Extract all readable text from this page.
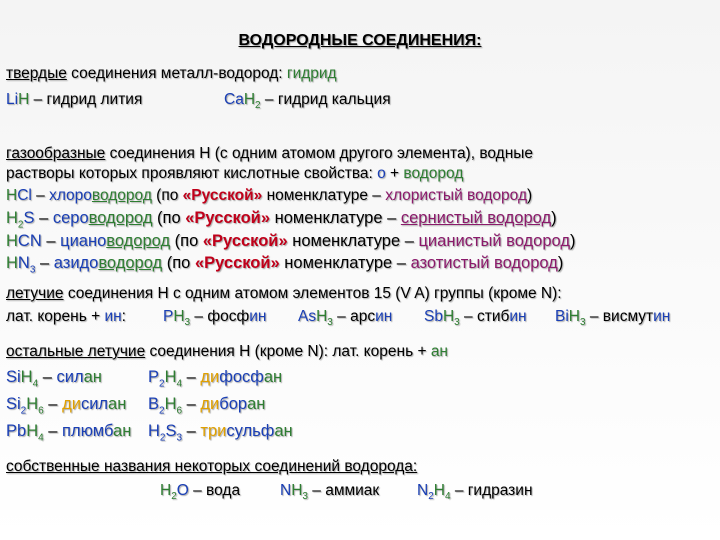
ВОДОРОДНЫЕ СОЕДИНЕНИЯ:
твердые соединения металл-водород: гидрид
LiH – гидрид лития	CaH$_2$ – гидрид кальция
газообразные соединения H (с одним атомом другого элемента), водные
растворы которых проявляют кислотные свойства: о + водород
HCl – хлороводород (по «Русской» номенклатуре – хлористый водород)
$H_2S$ – сероводород (по «Русской» номенклатуре – сернистый водород)
HCN – циановодород (по «Русской» номенклатуре – цианистый водород)
$HN_3$ – азидоводород (по «Русской» номенклатуре – азотистый водород)
летучие соединения H с одним атомом элементов 15 (V A) группы (кроме N):
лат. корень + ин: $PH_3$ – фосфин AsH$_3$ – арсин SbH$_3$ – стибин BiH$_3$ – висмутин
остальные летучие соединения H (кроме N): лат. корень + ан
SiH$_4$ – силан	$P_2H_4$ – дифосфан
$Si_2H_6$ – дисилан $B_2H_6$ – диборан
PbH$_4$ – плюмбан $H_2S_3$ – трисульфан
собственные названия некоторых соединений водорода:
$H_2O$ – вода	$NH_3$ – аммиак $N_2H_4$ – гидразин
